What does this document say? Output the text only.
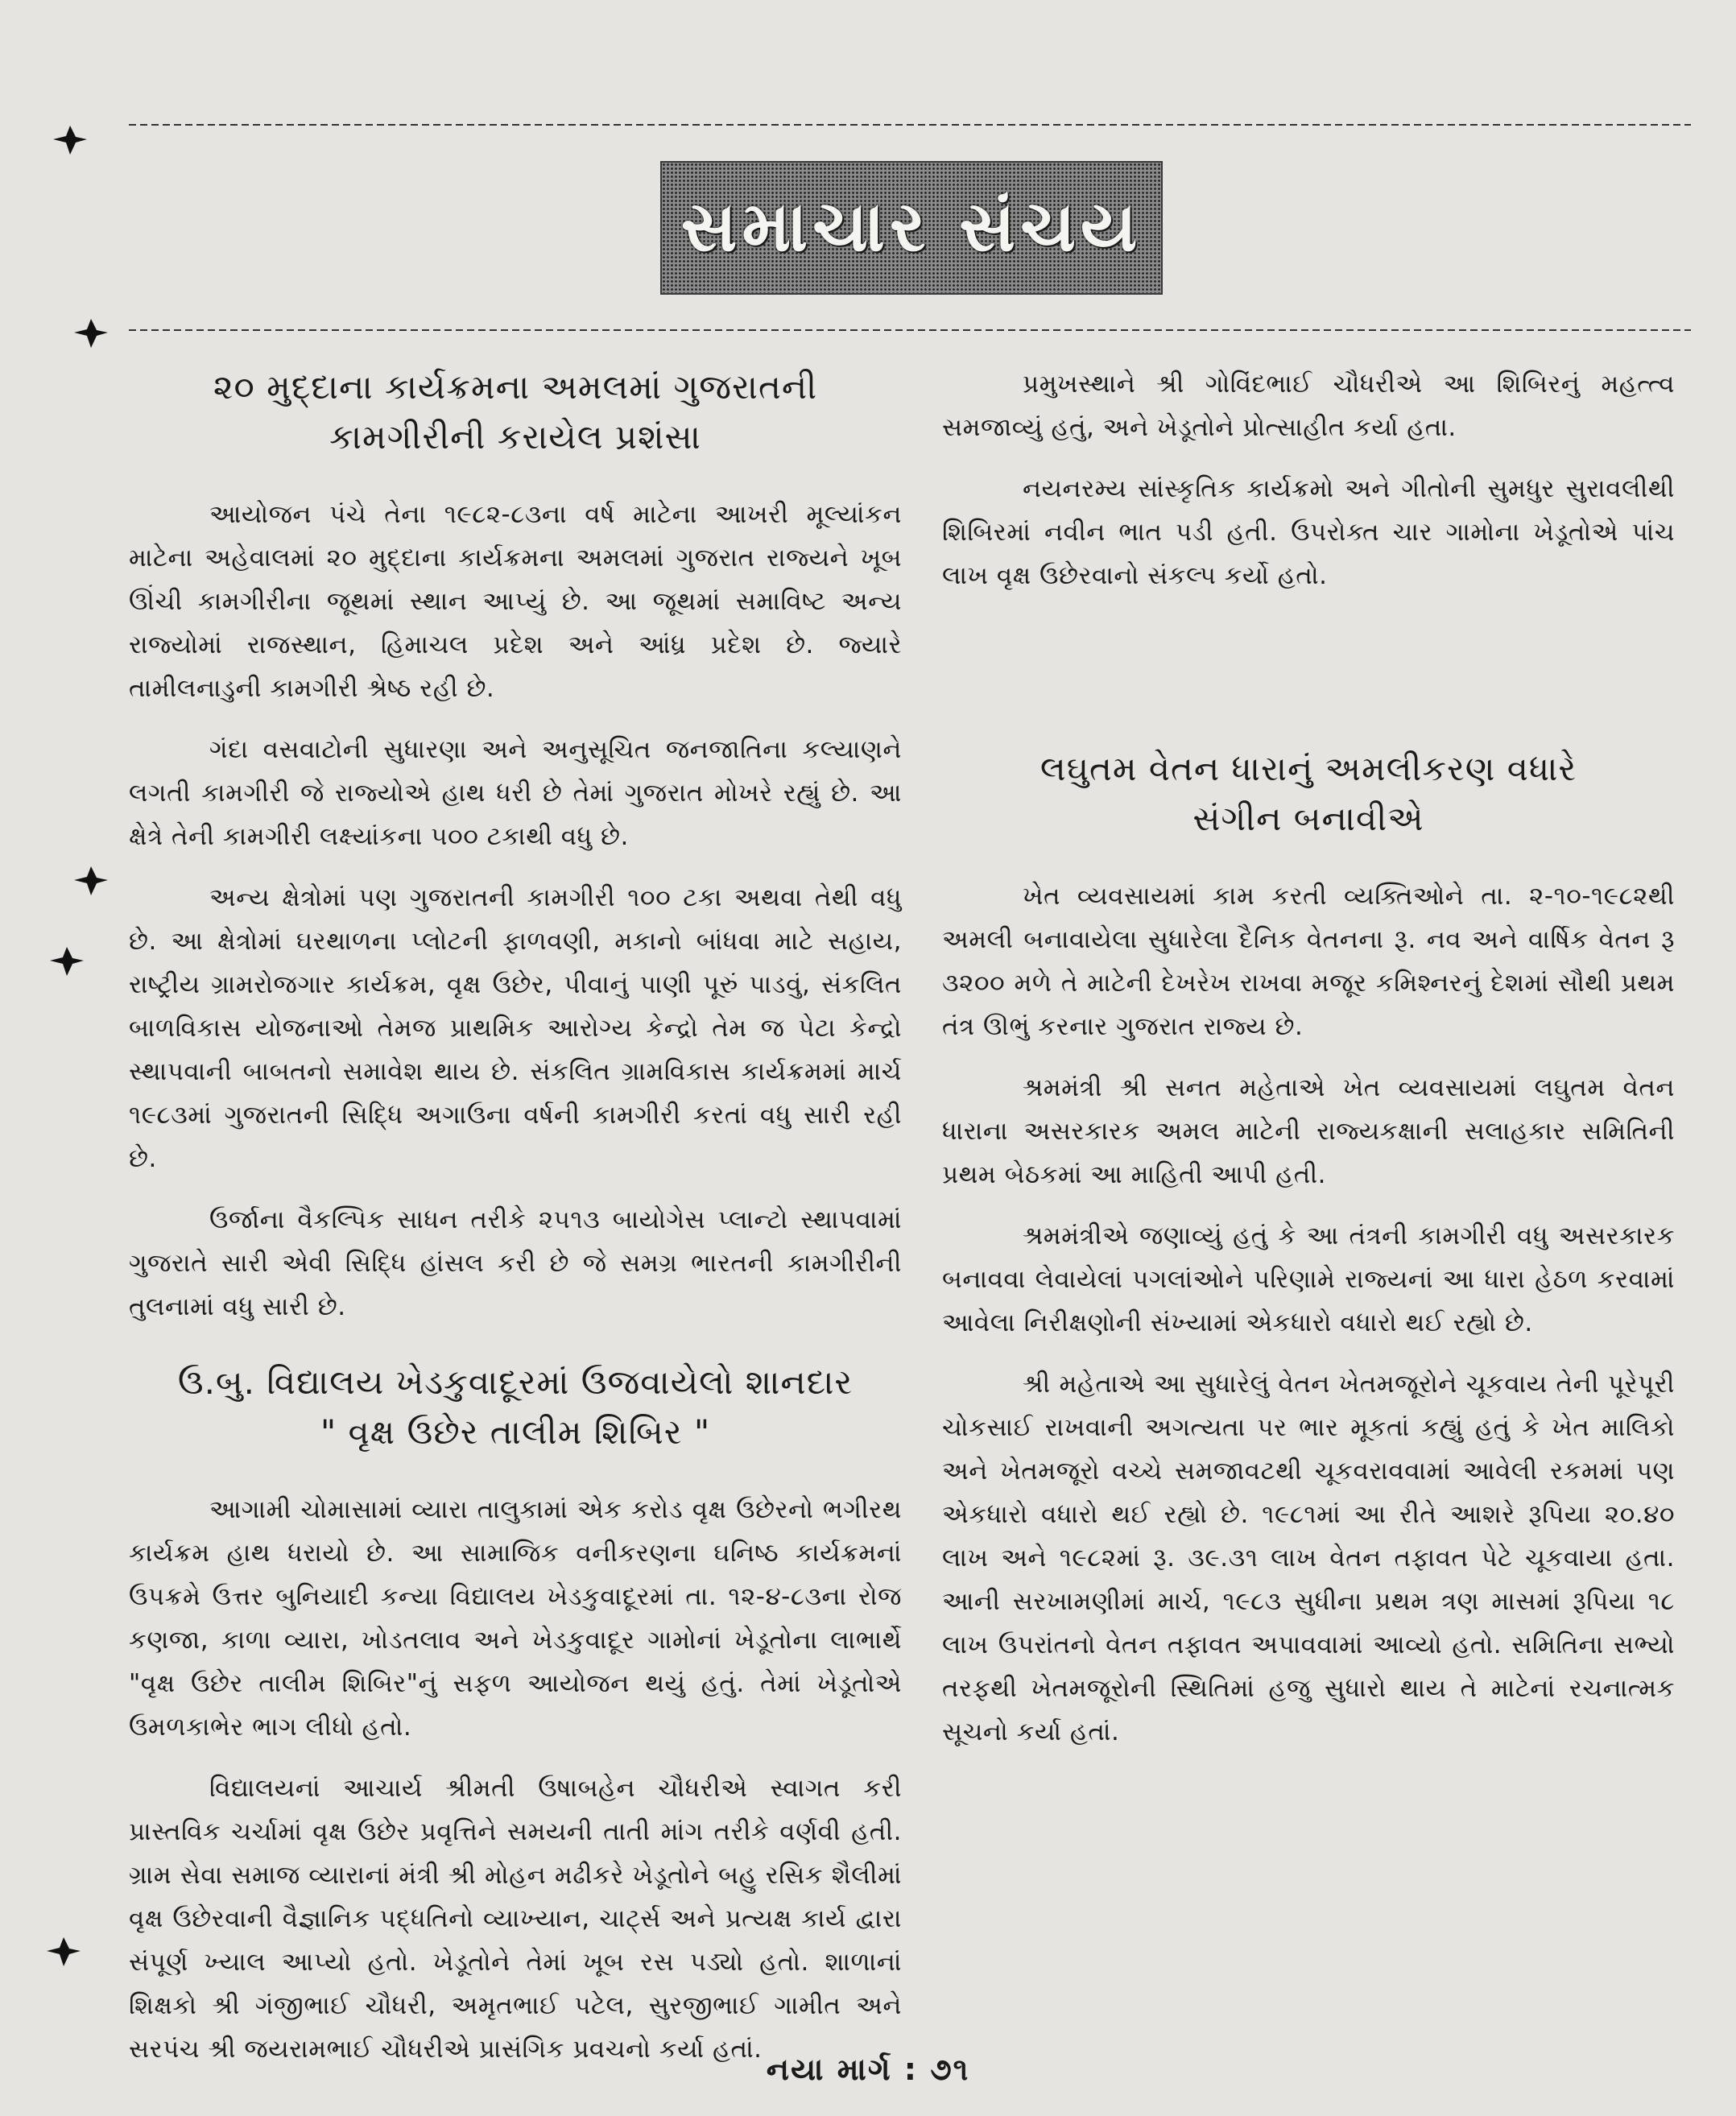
સમાચાર સંચય
૨૦ મુદ્દાના કાર્યક્રમના અમલમાં ગુજરાતની
કામગીરીની કરાયેલ પ્રશંસા

આયોજન પંચે તેના ૧૯૮૨-૮૩ના વર્ષ માટેના આખરી મૂલ્યાંકન માટેના અહેવાલમાં ૨૦ મુદ્દાના કાર્યક્રમના અમલમાં ગુજરાત રાજ્યને ખૂબ ઊંચી કામગીરીના જૂથમાં સ્થાન આપ્યું છે. આ જૂથમાં સમાવિષ્ટ અન્ય રાજ્યોમાં રાજસ્થાન, હિમાચલ પ્રદેશ અને આંધ્ર પ્રદેશ છે. જ્યારે તામીલનાડુની કામગીરી શ્રેષ્ઠ રહી છે.

ગંદા વસવાટોની સુધારણા અને અનુસૂચિત જનજાતિના કલ્યાણને લગતી કામગીરી જે રાજ્યોએ હાથ ધરી છે તેમાં ગુજરાત મોખરે રહ્યું છે. આ ક્ષેત્રે તેની કામગીરી લક્ષ્યાંકના ૫૦૦ ટકાથી વધુ છે.

અન્ય ક્ષેત્રોમાં પણ ગુજરાતની કામગીરી ૧૦૦ ટકા અથવા તેથી વધુ છે. આ ક્ષેત્રોમાં ઘરથાળના પ્લોટની ફાળવણી, મકાનો બાંધવા માટે સહાય, રાષ્ટ્રીય ગ્રામરોજગાર કાર્યક્રમ, વૃક્ષ ઉછેર, પીવાનું પાણી પૂરું પાડવું, સંકલિત બાળવિકાસ યોજનાઓ તેમજ પ્રાથમિક આરોગ્ય કેન્દ્રો તેમ જ પેટા કેન્દ્રો સ્થાપવાની બાબતનો સમાવેશ થાય છે. સંકલિત ગ્રામવિકાસ કાર્યક્રમમાં માર્ચ ૧૯૮૩માં ગુજરાતની સિદ્ધિ અગાઉના વર્ષની કામગીરી કરતાં વધુ સારી રહી છે.

ઉર્જાના વૈકલ્પિક સાધન તરીકે ૨૫૧૩ બાયોગેસ પ્લાન્ટો સ્થાપવામાં ગુજરાતે સારી એવી સિદ્ધિ હાંસલ કરી છે જે સમગ્ર ભારતની કામગીરીની તુલનામાં વધુ સારી છે.

ઉ.બુ. વિદ્યાલય ખેડકુવાદૂરમાં ઉજવાયેલો શાનદાર
" વૃક્ષ ઉછેર તાલીમ શિબિર "

આગામી ચોમાસામાં વ્યારા તાલુકામાં એક કરોડ વૃક્ષ ઉછેરનો ભગીરથ કાર્યક્રમ હાથ ધરાયો છે. આ સામાજિક વનીકરણના ઘનિષ્ઠ કાર્યક્રમનાં ઉપક્રમે ઉત્તર બુનિયાદી કન્યા વિદ્યાલય ખેડકુવાદૂરમાં તા. ૧૨-૪-૮૩ના રોજ કણજા, કાળા વ્યારા, ખોડતલાવ અને ખેડકુવાદૂર ગામોનાં ખેડૂતોના લાભાર્થે "વૃક્ષ ઉછેર તાલીમ શિબિર"નું સફળ આયોજન થયું હતું. તેમાં ખેડૂતોએ ઉમળકાભેર ભાગ લીધો હતો.

વિદ્યાલયનાં આચાર્ય શ્રીમતી ઉષાબહેન ચૌધરીએ સ્વાગત કરી પ્રાસ્તવિક ચર્ચામાં વૃક્ષ ઉછેર પ્રવૃત્તિને સમયની તાતી માંગ તરીકે વર્ણવી હતી. ગ્રામ સેવા સમાજ વ્યારાનાં મંત્રી શ્રી મોહન મઢીકરે ખેડૂતોને બહુ રસિક શૈલીમાં વૃક્ષ ઉછેરવાની વૈજ્ઞાનિક પદ્ધતિનો વ્યાખ્યાન, ચાર્ટ્સ અને પ્રત્યક્ષ કાર્ય દ્વારા સંપૂર્ણ ખ્યાલ આપ્યો હતો. ખેડૂતોને તેમાં ખૂબ રસ પડ્યો હતો. શાળાનાં શિક્ષકો શ્રી ગંજીભાઈ ચૌધરી, અમૃતભાઈ પટેલ, સુરજીભાઈ ગામીત અને સરપંચ શ્રી જયરામભાઈ ચૌધરીએ પ્રાસંગિક પ્રવચનો કર્યા હતાં.

પ્રમુખસ્થાને શ્રી ગોવિંદભાઈ ચૌધરીએ આ શિબિરનું મહત્ત્વ સમજાવ્યું હતું, અને ખેડૂતોને પ્રોત્સાહીત કર્યા હતા.

નયનરમ્ય સાંસ્કૃતિક કાર્યક્રમો અને ગીતોની સુમધુર સુરાવલીથી શિબિરમાં નવીન ભાત પડી હતી. ઉપરોક્ત ચાર ગામોના ખેડૂતોએ પાંચ લાખ વૃક્ષ ઉછેરવાનો સંકલ્પ કર્યો હતો.

લઘુતમ વેતન ધારાનું અમલીકરણ વધારે
સંગીન બનાવીએ

ખેત વ્યવસાયમાં કામ કરતી વ્યક્તિઓને તા. ૨-૧૦-૧૯૮૨થી અમલી બનાવાયેલા સુધારેલા દૈનિક વેતનના રૂ. નવ અને વાર્ષિક વેતન રૂ ૩૨૦૦ મળે તે માટેની દેખરેખ રાખવા મજૂર કમિશ્નરનું દેશમાં સૌથી પ્રથમ તંત્ર ઊભું કરનાર ગુજરાત રાજ્ય છે.

શ્રમમંત્રી શ્રી સનત મહેતાએ ખેત વ્યવસાયમાં લઘુતમ વેતન ધારાના અસરકારક અમલ માટેની રાજ્યકક્ષાની સલાહકાર સમિતિની પ્રથમ બેઠકમાં આ માહિતી આપી હતી.

શ્રમમંત્રીએ જણાવ્યું હતું કે આ તંત્રની કામગીરી વધુ અસરકારક બનાવવા લેવાયેલાં પગલાંઓને પરિણામે રાજ્યનાં આ ધારા હેઠળ કરવામાં આવેલા નિરીક્ષણોની સંખ્યામાં એકધારો વધારો થઈ રહ્યો છે.

શ્રી મહેતાએ આ સુધારેલું વેતન ખેતમજૂરોને ચૂકવાય તેની પૂરેપૂરી ચોકસાઈ રાખવાની અગત્યતા પર ભાર મૂકતાં કહ્યું હતું કે ખેત માલિકો અને ખેતમજૂરો વચ્ચે સમજાવટથી ચૂકવરાવવામાં આવેલી રકમમાં પણ એકધારો વધારો થઈ રહ્યો છે. ૧૯૮૧માં આ રીતે આશરે રૂપિયા ૨૦.૪૦ લાખ અને ૧૯૮૨માં રૂ. ૩૯.૩૧ લાખ વેતન તફાવત પેટે ચૂકવાયા હતા. આની સરખામણીમાં માર્ચ, ૧૯૮૩ સુધીના પ્રથમ ત્રણ માસમાં રૂપિયા ૧૮ લાખ ઉપરાંતનો વેતન તફાવત અપાવવામાં આવ્યો હતો. સમિતિના સભ્યો તરફથી ખેતમજૂરોની સ્થિતિમાં હજુ સુધારો થાય તે માટેનાં રચનાત્મક સૂચનો કર્યા હતાં.

નયા માર્ગ : ૭૧
